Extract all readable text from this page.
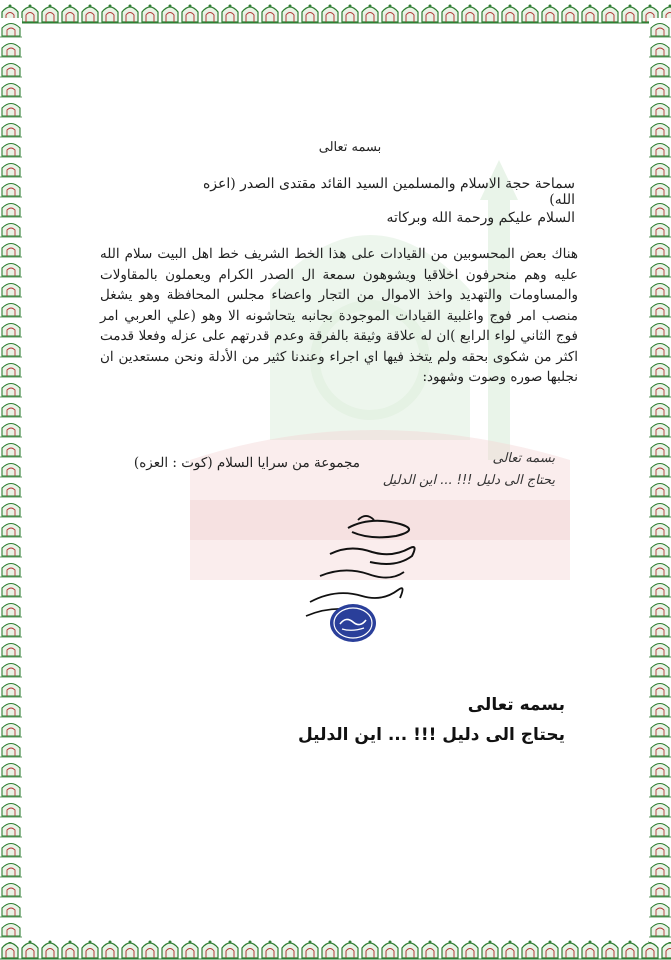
بسمه تعالى
سماحة حجة الاسلام والمسلمين السيد القائد مقتدى الصدر (اعزه الله)
السلام عليكم ورحمة الله وبركاته
هناك بعض المحسوبين من القيادات على هذا الخط الشريف خط اهل البيت سلام الله عليه وهم منحرفون اخلاقيا ويشوهون سمعة ال الصدر الكرام ويعملون بالمقاولات والمساومات والتهديد واخذ الاموال من التجار واعضاء مجلس المحافظة وهو يشغل منصب امر فوج واغلبية القيادات الموجودة بجانبه يتحاشونه الا وهو (علي العربي امر فوج الثاني لواء الرابع )ان له علاقة وثيقة بالفرقة وعدم قدرتهم على عزله وفعلا قدمت اكثر من شكوى بحقه ولم يتخذ فيها اي اجراء وعندنا كثير من الأدلة ونحن مستعدين ان نجلبها صوره وصوت وشهود:
مجموعة من سرايا السلام (كوت : العزه)	بسمه تعالى
يحتاج الى دليل !!! ... اين الدليل
بسمه تعالى
يحتاج الى دليل !!! ... اين الدليل
